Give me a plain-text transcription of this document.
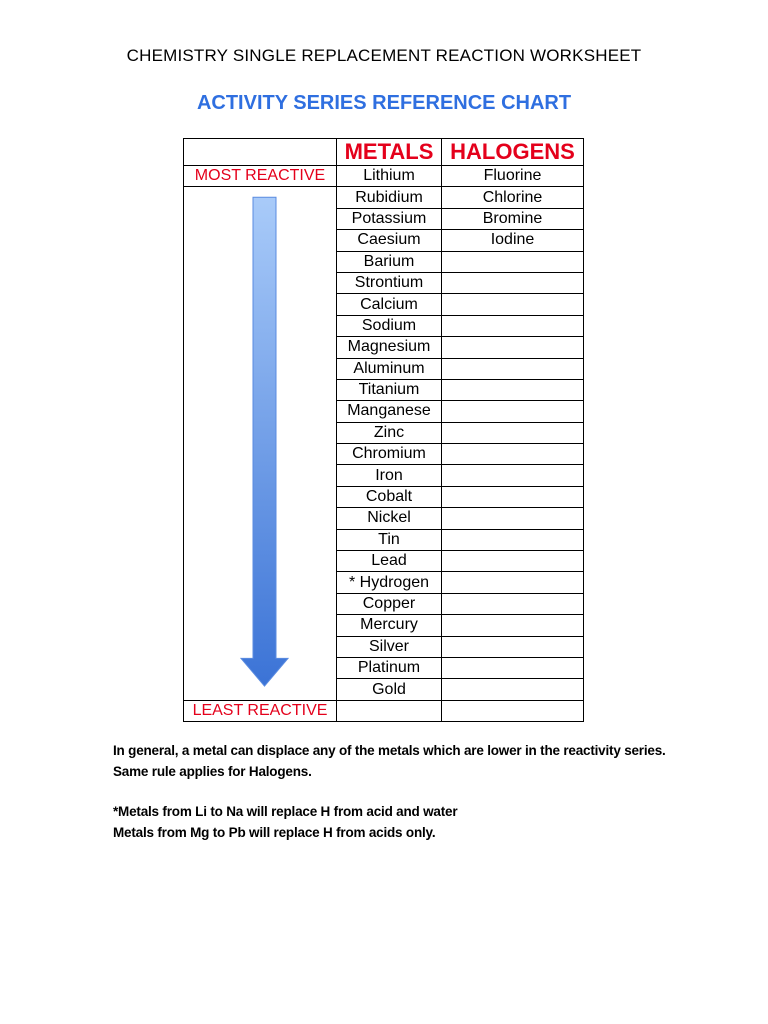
CHEMISTRY SINGLE REPLACEMENT REACTION WORKSHEET
ACTIVITY SERIES REFERENCE CHART
	METALS	HALOGENS
MOST REACTIVE	Lithium	Fluorine

	Rubidium	Chlorine
	Potassium	Bromine
	Caesium	Iodine
	Barium	
	Strontium	
	Calcium	
	Sodium	
	Magnesium	
	Aluminum	
	Titanium	
	Manganese	
	Zinc	
	Chromium	
	Iron	
	Cobalt	
	Nickel	
	Tin	
	Lead	
	* Hydrogen	
	Copper	
	Mercury	
	Silver	
	Platinum	
	Gold	
LEAST REACTIVE		

In general, a metal can displace any of the metals which are lower in the reactivity series.

Same rule applies for Halogens.

*Metals from Li to Na will replace H from acid and water

Metals from Mg to Pb will replace H from acids only.
